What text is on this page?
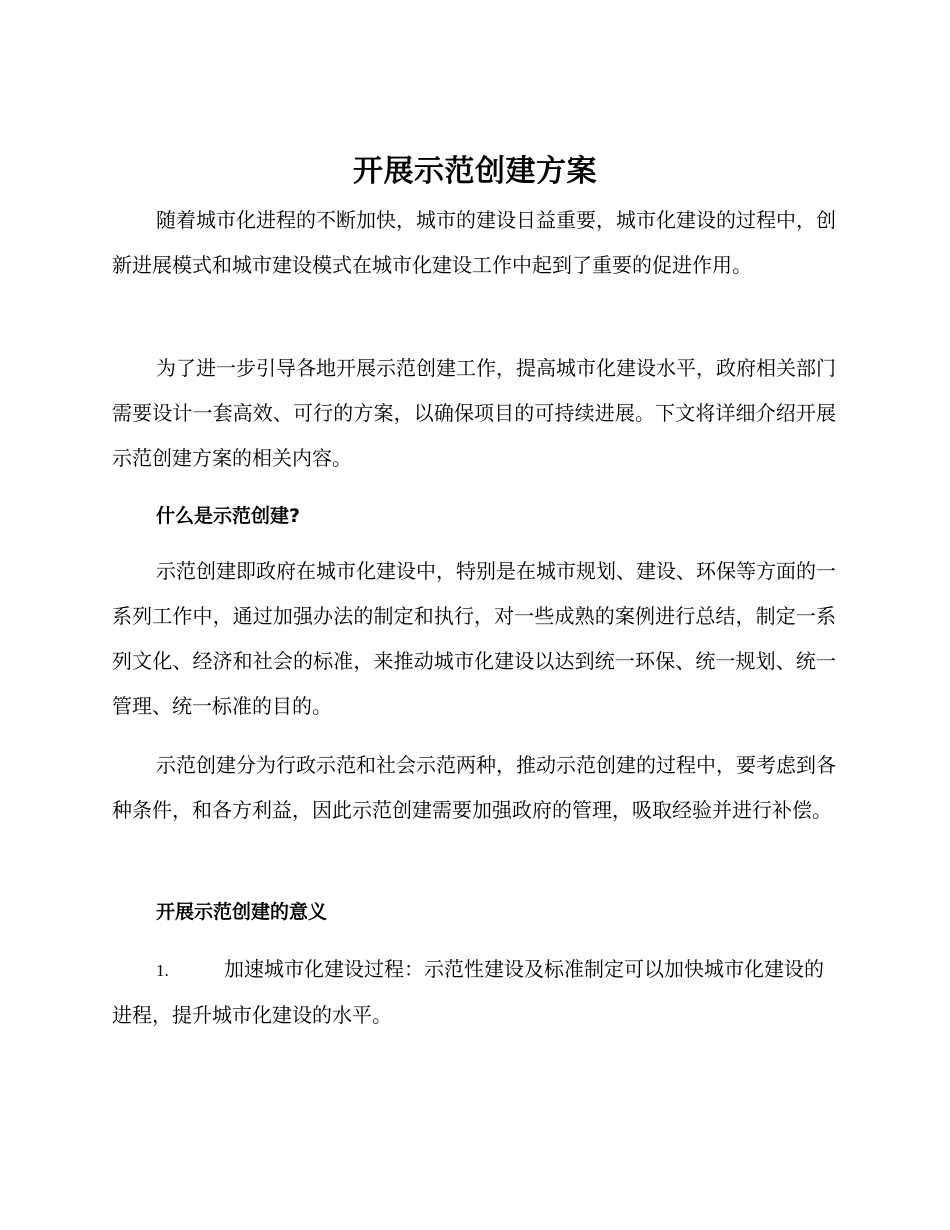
开展示范创建方案
随着城市化进程的不断加快，城市的建设日益重要，城市化建设的过程中，创新进展模式和城市建设模式在城市化建设工作中起到了重要的促进作用。
为了进一步引导各地开展示范创建工作，提高城市化建设水平，政府相关部门需要设计一套高效、可行的方案，以确保项目的可持续进展。下文将详细介绍开展示范创建方案的相关内容。
什么是示范创建?
示范创建即政府在城市化建设中，特别是在城市规划、建设、环保等方面的一系列工作中，通过加强办法的制定和执行，对一些成熟的案例进行总结，制定一系列文化、经济和社会的标准，来推动城市化建设以达到统一环保、统一规划、统一管理、统一标准的目的。
示范创建分为行政示范和社会示范两种，推动示范创建的过程中，要考虑到各种条件，和各方利益，因此示范创建需要加强政府的管理，吸取经验并进行补偿。
开展示范创建的意义
1.	加速城市化建设过程：示范性建设及标准制定可以加快城市化建设的进程，提升城市化建设的水平。
